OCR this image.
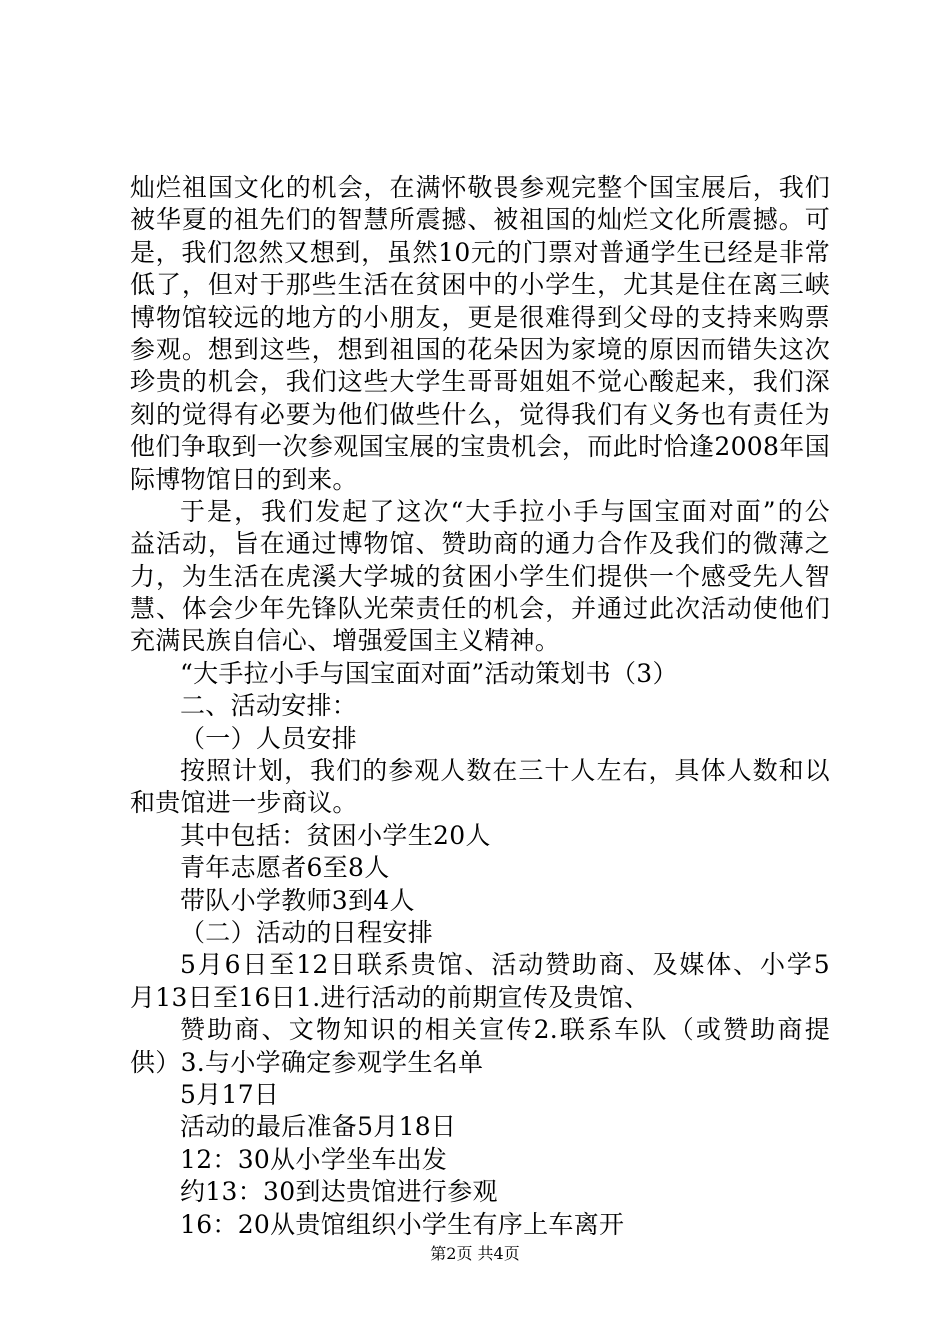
灿烂祖国文化的机会，在满怀敬畏参观完整个国宝展后，我们
被华夏的祖先们的智慧所震撼、被祖国的灿烂文化所震撼。可
是，我们忽然又想到，虽然10元的门票对普通学生已经是非常
低了，但对于那些生活在贫困中的小学生，尤其是住在离三峡
博物馆较远的地方的小朋友，更是很难得到父母的支持来购票
参观。想到这些，想到祖国的花朵因为家境的原因而错失这次
珍贵的机会，我们这些大学生哥哥姐姐不觉心酸起来，我们深
刻的觉得有必要为他们做些什么，觉得我们有义务也有责任为
他们争取到一次参观国宝展的宝贵机会，而此时恰逢2008年国
际博物馆日的到来。
于是，我们发起了这次“大手拉小手与国宝面对面”的公
益活动，旨在通过博物馆、赞助商的通力合作及我们的微薄之
力，为生活在虎溪大学城的贫困小学生们提供一个感受先人智
慧、体会少年先锋队光荣责任的机会，并通过此次活动使他们
充满民族自信心、增强爱国主义精神。
“大手拉小手与国宝面对面”活动策划书（3）
二、活动安排：
（一）人员安排
按照计划，我们的参观人数在三十人左右，具体人数和以
和贵馆进一步商议。
其中包括：贫困小学生20人
青年志愿者6至8人
带队小学教师3到4人
（二）活动的日程安排
5月6日至12日联系贵馆、活动赞助商、及媒体、小学5
月13日至16日1.进行活动的前期宣传及贵馆、
赞助商、文物知识的相关宣传2.联系车队（或赞助商提
供）3.与小学确定参观学生名单
5月17日
活动的最后准备5月18日
12：30从小学坐车出发
约13：30到达贵馆进行参观
16：20从贵馆组织小学生有序上车离开
第2页 共4页
